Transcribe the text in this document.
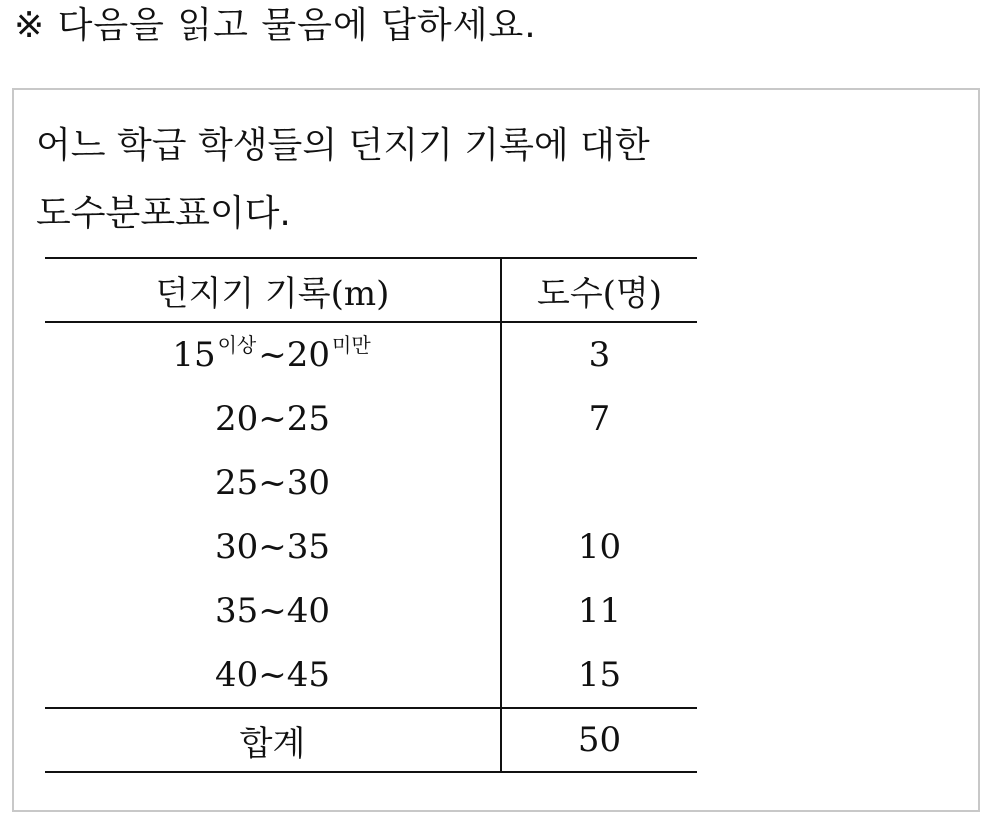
※ 다음을 읽고 물음에 답하세요.
어느 학급 학생들의 던지기 기록에 대한
도수분포표이다.
던지기 기록(m)	도수(명)
15 $^{이상}$~20 $^{미만}$	3
20~25	7
25~30	
30~35	10
35~40	11
40~45	15
합계	50
